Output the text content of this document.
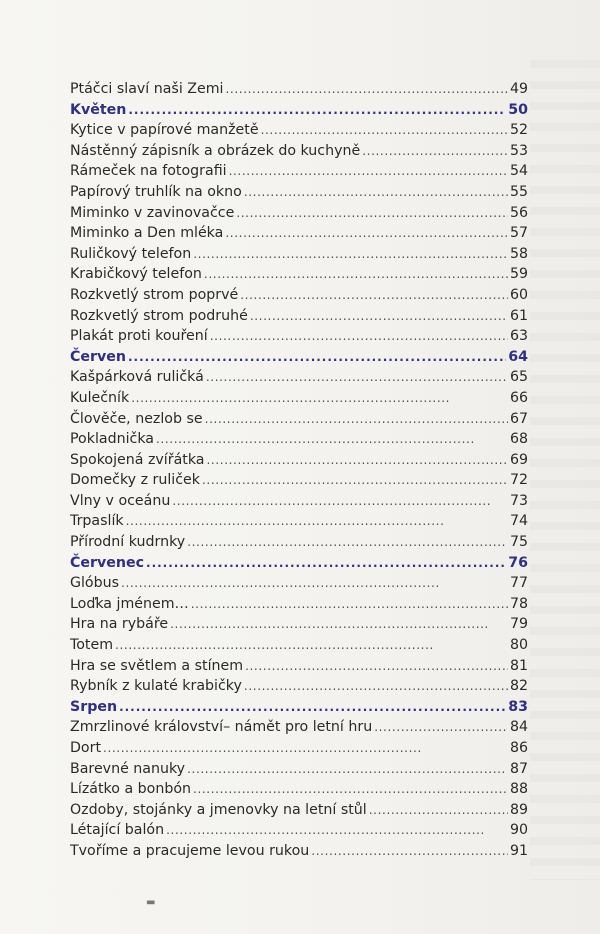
Ptáčci slaví naši Zemi . . .	49
Květen . . .	50
Kytice v papírové manžetě . . .	52
Nástěnný zápisník a obrázek do kuchyně . . .	53
Rámeček na fotografii . . .	54
Papírový truhlík na okno . . .	55
Miminko v zavinovačce . . .	56
Miminko a Den mléka . . .	57
Ruličkový telefon . . .	58
Krabičkový telefon . . .	59
Rozkvetlý strom poprvé . . .	60
Rozkvetlý strom podruhé . . .	61
Plakát proti kouření . . .	63
Červen . . .	64
Kašpárková ruličká . . .	65
Kulečník . . .	66
Člověče, nezlob se . . .	67
Pokladnička . . .	68
Spokojená zvířátka . . .	69
Domečky z ruliček . . .	72
Vlny v oceánu . . .	73
Trpaslík . . .	74
Přírodní kudrnky . . .	75
Červenec . . .	76
Glóbus . . .	77
Loďka jménem… . . .	78
Hra na rybáře . . .	79
Totem . . .	80
Hra se světlem a stínem . . .	81
Rybník z kulaté krabičky . . .	82
Srpen . . .	83
Zmrzlinové království– námět pro letní hru . . .	84
Dort . . .	86
Barevné nanuky . . .	87
Lízátko a bonbón . . .	88
Ozdoby, stojánky a jmenovky na letní stůl . . .	89
Létající balón . . .	90
Tvoříme a pracujeme levou rukou . . .	91
▬
